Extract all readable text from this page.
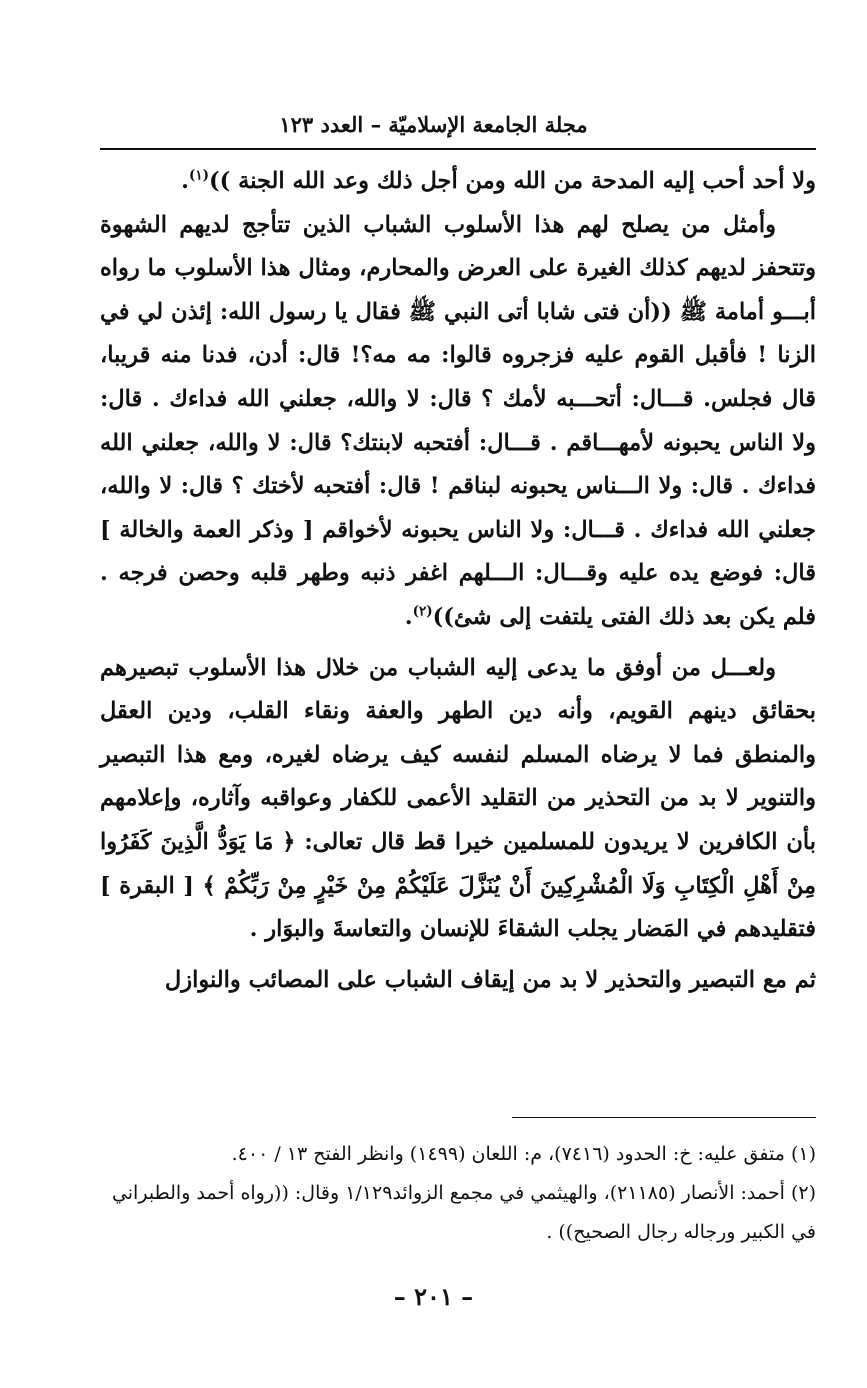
مجلة الجامعة الإسلاميّة – العدد ١٢٣

ولا أحد أحب إليه المدحة من الله ومن أجل ذلك وعد الله الجنة ))$^{(١)}$.

وأمثل من يصلح لهم هذا الأسلوب الشباب الذين تتأجج لديهم الشهوة وتتحفز لديهم كذلك الغيرة على العرض والمحارم، ومثال هذا الأسلوب ما رواه أبـــو أمامة ﷺ ((أن فتى شابا أتى النبي ﷺ فقال يا رسول الله: إئذن لي في الزنا ! فأقبل القوم عليه فزجروه قالوا: مه مه؟! قال: أدن، فدنا منه قريبا، قال فجلس. قـــال: أتحـــبه لأمك ؟ قال: لا والله، جعلني الله فداءك . قال: ولا الناس يحبونه لأمهـــاقم . قـــال: أفتحبه لابنتك؟ قال: لا والله، جعلني الله فداءك . قال: ولا الـــناس يحبونه لبناقم ! قال: أفتحبه لأختك ؟ قال: لا والله، جعلني الله فداءك . قـــال: ولا الناس يحبونه لأخواقم [ وذكر العمة والخالة ] قال: فوضع يده عليه وقـــال: الـــلهم اغفر ذنبه وطهر قلبه وحصن فرجه . فلم يكن بعد ذلك الفتى يلتفت إلى شئ))$^{(٢)}$.

ولعـــل من أوفق ما يدعى إليه الشباب من خلال هذا الأسلوب تبصيرهم بحقائق دينهم القويم، وأنه دين الطهر والعفة ونقاء القلب، ودين العقل والمنطق فما لا يرضاه المسلم لنفسه كيف يرضاه لغيره، ومع هذا التبصير والتنوير لا بد من التحذير من التقليد الأعمى للكفار وعواقبه وآثاره، وإعلامهم بأن الكافرين لا يريدون للمسلمين خيرا قط قال تعالى: ﴿ مَا يَوَدُّ الَّذِينَ كَفَرُوا مِنْ أَهْلِ الْكِتَابِ وَلَا الْمُشْرِكِينَ أَنْ يُنَزَّلَ عَلَيْكُمْ مِنْ خَيْرٍ مِنْ رَبِّكُمْ ﴾ [ البقرة ] فتقليدهم في المَضار يجلب الشقاءَ للإنسان والتعاسةَ والبوَار .

ثم مع التبصير والتحذير لا بد من إيقاف الشباب على المصائب والنوازل

(١) متفق عليه: خ: الحدود (٧٤١٦)، م: اللعان (١٤٩٩) وانظر الفتح ١٣ / ٤٠٠.

(٢) أحمد: الأنصار (٢١١٨٥)، والهيثمي في مجمع الزوائد١/١٢٩ وقال: ((رواه أحمد والطبراني في الكبير ورجاله رجال الصحيح)) .

– ٢٠١ –
